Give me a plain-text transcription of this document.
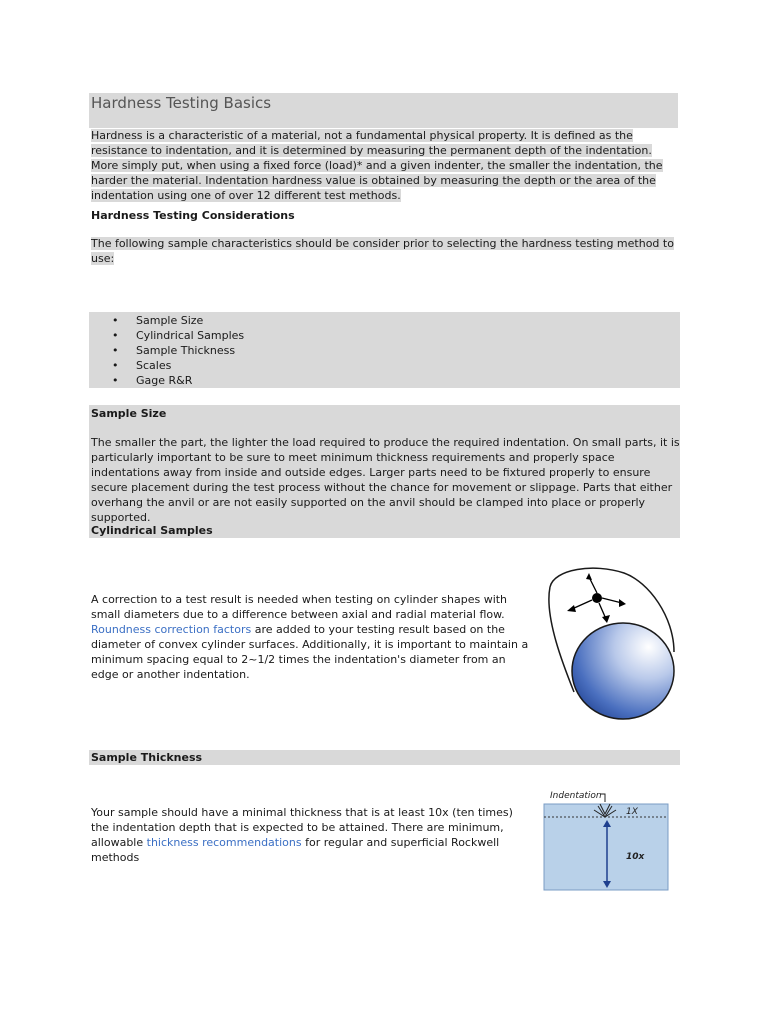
Hardness Testing Basics

Hardness is a characteristic of a material, not a fundamental physical property. It is defined as the resistance to indentation, and it is determined by measuring the permanent depth of the indentation. More simply put, when using a fixed force (load)* and a given indenter, the smaller the indentation, the harder the material. Indentation hardness value is obtained by measuring the depth or the area of the indentation using one of over 12 different test methods.

Hardness Testing Considerations

The following sample characteristics should be consider prior to selecting the hardness testing method to use:

• Sample Size
• Cylindrical Samples
• Sample Thickness
• Scales
• Gage R&R
Sample Size

The smaller the part, the lighter the load required to produce the required indentation. On small parts, it is particularly important to be sure to meet minimum thickness requirements and properly space indentations away from inside and outside edges. Larger parts need to be fixtured properly to ensure secure placement during the test process without the chance for movement or slippage. Parts that either overhang the anvil or are not easily supported on the anvil should be clamped into place or properly supported.

Cylindrical Samples

A correction to a test result is needed when testing on cylinder shapes with small diameters due to a difference between axial and radial material flow. Roundness correction factors are added to your testing result based on the diameter of convex cylinder surfaces. Additionally, it is important to maintain a minimum spacing equal to 2~1/2 times the indentation's diameter from an edge or another indentation.

Sample Thickness

Your sample should have a minimal thickness that is at least 10x (ten times) the indentation depth that is expected to be attained. There are minimum, allowable thickness recommendations for regular and superficial Rockwell methods

Indentation
1X
10x
